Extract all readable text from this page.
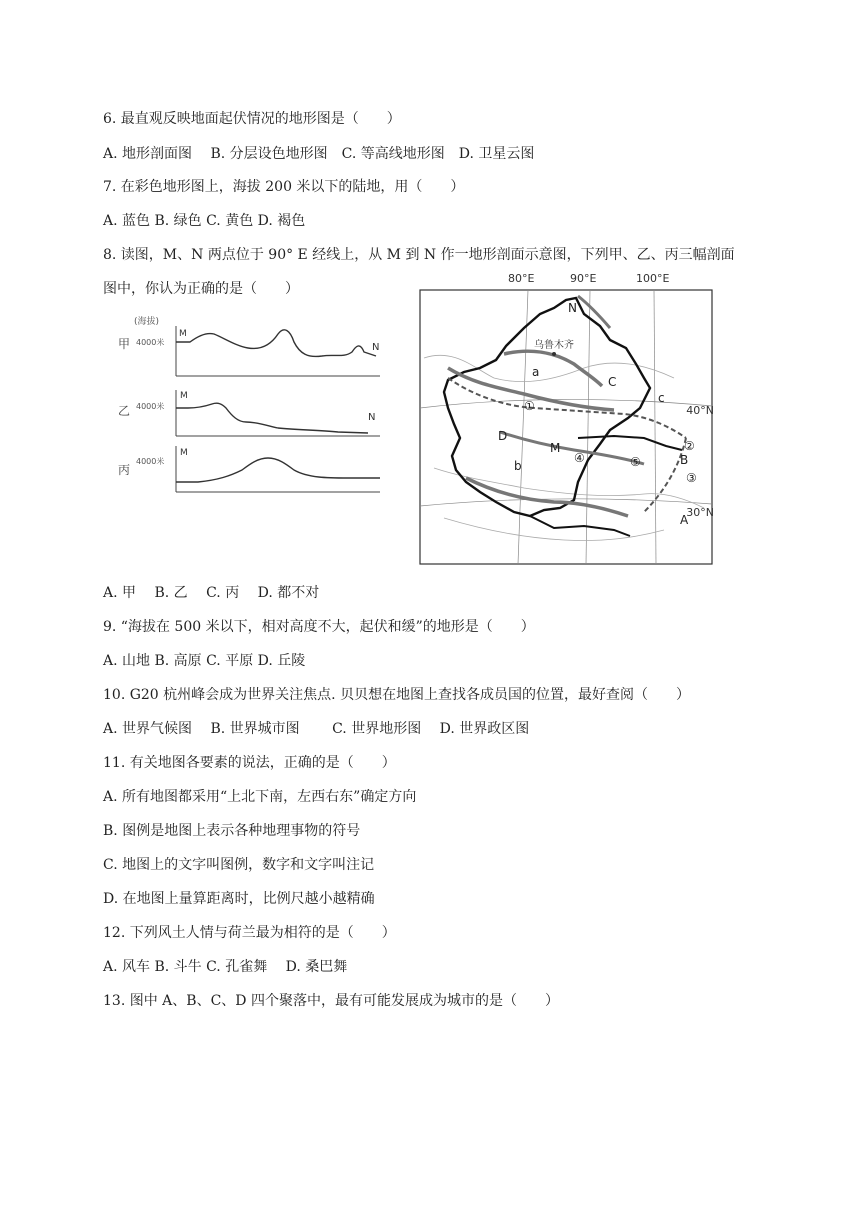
6. 最直观反映地面起伏情况的地形图是（　　）
A. 地形剖面图　 B. 分层设色地形图　C. 等高线地形图　D. 卫星云图
7. 在彩色地形图上，海拔 200 米以下的陆地，用（　　）
A. 蓝色 B. 绿色 C. 黄色 D. 褐色
8. 读图，M、N 两点位于 90° E 经线上，从 M 到 N 作一地形剖面示意图，下列甲、乙、丙三幅剖面
图中，你认为正确的是（　　）
甲
(海拔)
4000米
M
N
乙 4000米
M
N
丙
4000米
M
80°E	90°E	100°E
40°N
30°N
乌鲁木齐
N
a
C
c
①
D
M
④	⑤
b
②
B
③
A
A. 甲　 B. 乙　 C. 丙　 D. 都不对
9. “海拔在 500 米以下，相对高度不大，起伏和缓”的地形是（　　）
A. 山地 B. 高原 C. 平原 D. 丘陵
10. G20 杭州峰会成为世界关注焦点. 贝贝想在地图上查找各成员国的位置，最好查阅（　　）
A. 世界气候图　 B. 世界城市图　　 C. 世界地形图　 D. 世界政区图
11. 有关地图各要素的说法，正确的是（　　）
A. 所有地图都采用“上北下南，左西右东”确定方向
B. 图例是地图上表示各种地理事物的符号
C. 地图上的文字叫图例，数字和文字叫注记
D. 在地图上量算距离时，比例尺越小越精确
12. 下列风土人情与荷兰最为相符的是（　　）
A. 风车 B. 斗牛 C. 孔雀舞　 D. 桑巴舞
13. 图中 A、B、C、D 四个聚落中，最有可能发展成为城市的是（　　）
